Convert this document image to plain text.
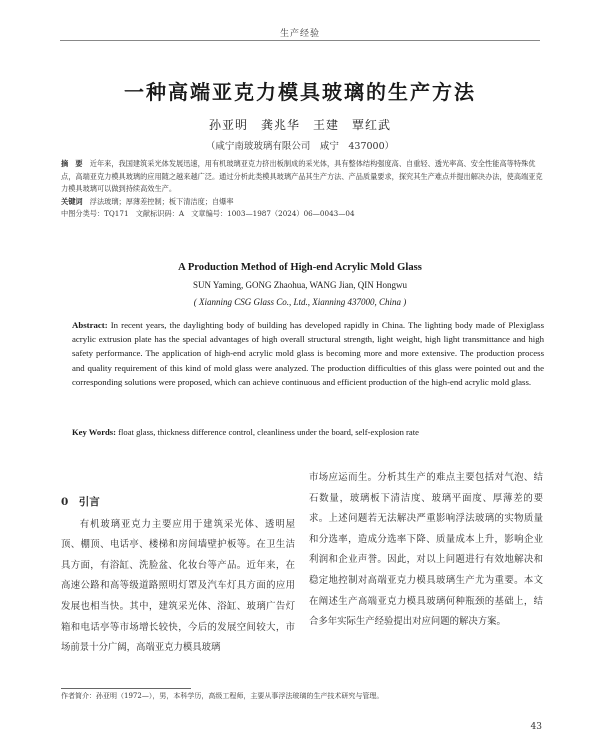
生产经验
一种高端亚克力模具玻璃的生产方法
孙亚明　龚兆华　王建　覃红武
（咸宁南玻玻璃有限公司　咸宁　437000）

摘　要　 近年来，我国建筑采光体发展迅速，用有机玻璃亚克力挤出板制成的采光体，具有整体结构强度高、自重轻、透光率高、安全性能高等特殊优点，高端亚克力模具玻璃的应用随之越来越广泛。通过分析此类模具玻璃产品其生产方法、产品质量要求，探究其生产难点并提出解决办法，使高端亚克力模具玻璃可以做到持续高效生产。

关键词　 浮法玻璃；厚薄差控制；板下清洁度；自爆率

中图分类号：TQ171　文献标识码：A　文章编号：1003—1987（2024）06—0043—04

A Production Method of High-end Acrylic Mold Glass
SUN Yaming, GONG Zhaohua, WANG Jian, QIN Hongwu
( Xianning CSG Glass Co., Ltd., Xianning 437000, China )
Abstract: In recent years, the daylighting body of building has developed rapidly in China. The lighting body made of Plexiglass acrylic extrusion plate has the special advantages of high overall structural strength, light weight, high light transmittance and high safety performance. The application of high-end acrylic mold glass is becoming more and more extensive. The production process and quality requirement of this kind of mold glass were analyzed. The production difficulties of this glass were pointed out and the corresponding solutions were proposed, which can achieve continuous and efficient production of the high-end acrylic mold glass.
Key Words: float glass, thickness difference control, cleanliness under the board, self-explosion rate
0　引言

有机玻璃亚克力主要应用于建筑采光体、透明屋顶、棚顶、电话亭、楼梯和房间墙壁护板等。在卫生洁具方面，有浴缸、洗脸盆、化妆台等产品。近年来，在高速公路和高等级道路照明灯罩及汽车灯具方面的应用发展也相当快。其中，建筑采光体、浴缸、玻璃广告灯箱和电话亭等市场增长较快，今后的发展空间较大，市场前景十分广阔，高端亚克力模具玻璃

市场应运而生。分析其生产的难点主要包括对气泡、结石数量，玻璃板下清洁度、玻璃平面度、厚薄差的要求。上述问题若无法解决严重影响浮法玻璃的实物质量和分选率，造成分选率下降、质量成本上升，影响企业利润和企业声誉。因此，对以上问题进行有效地解决和稳定地控制对高端亚克力模具玻璃生产尤为重要。本文在阐述生产高端亚克力模具玻璃何种瓶颈的基础上，结合多年实际生产经验提出对应问题的解决方案。

作者简介：孙亚明（1972—），男，本科学历，高级工程师，主要从事浮法玻璃的生产技术研究与管理。
43
